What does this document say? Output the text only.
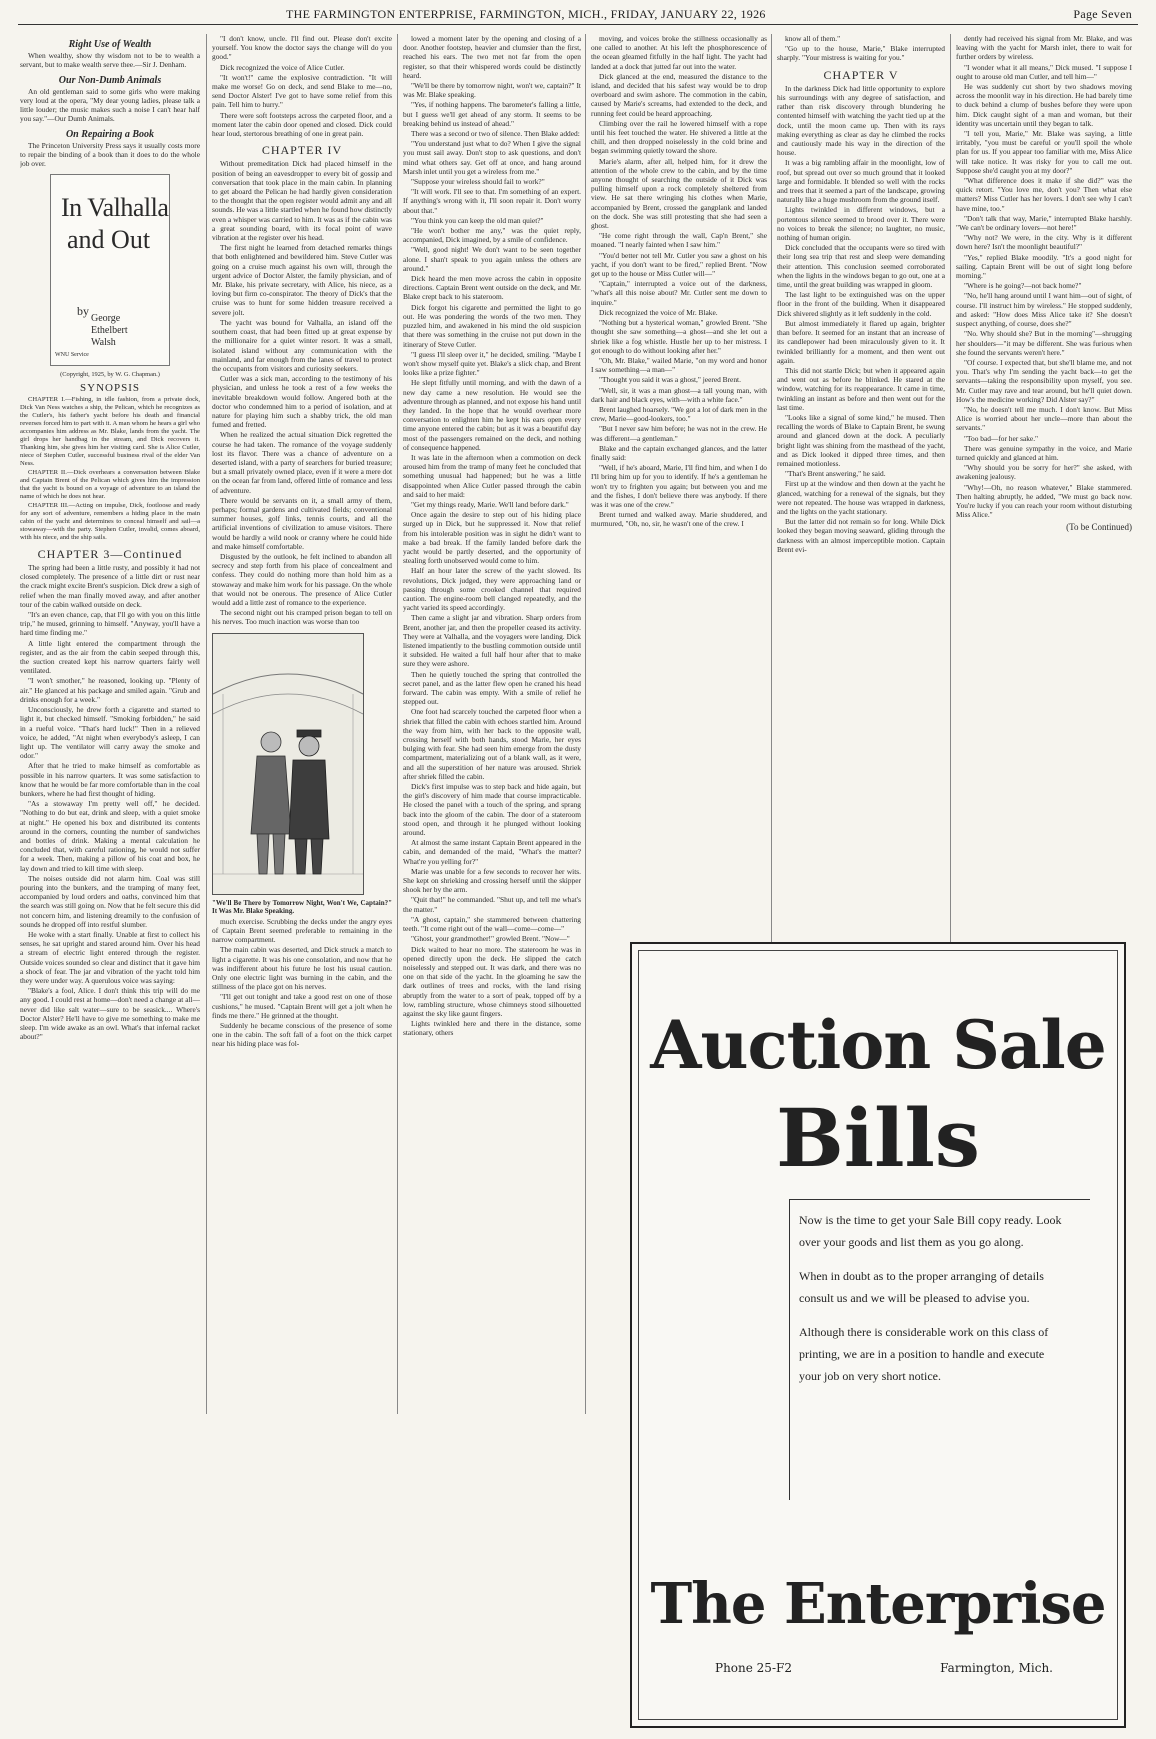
THE FARMINGTON ENTERPRISE, FARMINGTON, MICH., FRIDAY, JANUARY 22, 1926	Page Seven

Right Use of Wealth

When wealthy, show thy wisdom not to be to wealth a servant, but to make wealth serve thee.—Sir J. Denham.

Our Non-Dumb Animals

An old gentleman said to some girls who were making very loud at the opera, "My dear young ladies, please talk a little louder; the music makes such a noise I can't hear half you say."—Our Dumb Animals.

On Repairing a Book

The Princeton University Press says it usually costs more to repair the binding of a book than it does to do the whole job over.

In Valhalla
and Out
by
George
Ethelbert
Walsh
WNU Service

(Copyright, 1925, by W. G. Chapman.)

SYNOPSIS

CHAPTER I.—Fishing, in idle fashion, from a private dock, Dick Van Ness watches a ship, the Pelican, which he recognizes as the Cutler's, his father's yacht before his death and financial reverses forced him to part with it. A man whom he hears a girl who accompanies him address as Mr. Blake, lands from the yacht. The girl drops her handbag in the stream, and Dick recovers it. Thanking him, she gives him her visiting card. She is Alice Cutler, niece of Stephen Cutler, successful business rival of the elder Van Ness.

CHAPTER II.—Dick overhears a conversation between Blake and Captain Brent of the Pelican which gives him the impression that the yacht is bound on a voyage of adventure to an island the name of which he does not hear.

CHAPTER III.—Acting on impulse, Dick, footloose and ready for any sort of adventure, remembers a hiding place in the main cabin of the yacht and determines to conceal himself and sail—a stowaway—with the party. Stephen Cutler, invalid, comes aboard, with his niece, and the ship sails.

CHAPTER 3—Continued

The spring had been a little rusty, and possibly it had not closed completely. The presence of a little dirt or rust near the crack might excite Brent's suspicion. Dick drew a sigh of relief when the man finally moved away, and after another tour of the cabin walked outside on deck.

"It's an even chance, cap, that I'll go with you on this little trip," he mused, grinning to himself. "Anyway, you'll have a hard time finding me."

A little light entered the compartment through the register, and as the air from the cabin seeped through this, the suction created kept his narrow quarters fairly well ventilated.

"I won't smother," he reasoned, looking up. "Plenty of air." He glanced at his package and smiled again. "Grub and drinks enough for a week."

Unconsciously, he drew forth a cigarette and started to light it, but checked himself. "Smoking forbidden," he said in a rueful voice. "That's hard luck!" Then in a relieved voice, he added, "At night when everybody's asleep, I can light up. The ventilator will carry away the smoke and odor."

After that he tried to make himself as comfortable as possible in his narrow quarters. It was some satisfaction to know that he would be far more comfortable than in the coal bunkers, where he had first thought of hiding.

"As a stowaway I'm pretty well off," he decided. "Nothing to do but eat, drink and sleep, with a quiet smoke at night." He opened his box and distributed its contents around in the corners, counting the number of sandwiches and bottles of drink. Making a mental calculation he concluded that, with careful rationing, he would not suffer for a week. Then, making a pillow of his coat and box, he lay down and tried to kill time with sleep.

The noises outside did not alarm him. Coal was still pouring into the bunkers, and the tramping of many feet, accompanied by loud orders and oaths, convinced him that the search was still going on. Now that he felt secure this did not concern him, and listening dreamily to the confusion of sounds he dropped off into restful slumber.

He woke with a start finally. Unable at first to collect his senses, he sat upright and stared around him. Over his head a stream of electric light entered through the register. Outside voices sounded so clear and distinct that it gave him a shock of fear. The jar and vibration of the yacht told him they were under way. A querulous voice was saying:

"Blake's a fool, Alice. I don't think this trip will do me any good. I could rest at home—don't need a change at all—never did like salt water—sure to be seasick.... Where's Doctor Alster? He'll have to give me something to make me sleep. I'm wide awake as an owl. What's that infernal racket about?"

"I don't know, uncle. I'll find out. Please don't excite yourself. You know the doctor says the change will do you good."

Dick recognized the voice of Alice Cutler.

"It won't!" came the explosive contradiction. "It will make me worse! Go on deck, and send Blake to me—no, send Doctor Alster! I've got to have some relief from this pain. Tell him to hurry."

There were soft footsteps across the carpeted floor, and a moment later the cabin door opened and closed. Dick could hear loud, stertorous breathing of one in great pain.

CHAPTER IV

Without premeditation Dick had placed himself in the position of being an eavesdropper to every bit of gossip and conversation that took place in the main cabin. In planning to get aboard the Pelican he had hardly given consideration to the thought that the open register would admit any and all sounds. He was a little startled when he found how distinctly even a whisper was carried to him. It was as if the cabin was a great sounding board, with its focal point of wave vibration at the register over his head.

The first night he learned from detached remarks things that both enlightened and bewildered him. Steve Cutler was going on a cruise much against his own will, through the urgent advice of Doctor Alster, the family physician, and of Mr. Blake, his private secretary, with Alice, his niece, as a loving but firm co-conspirator. The theory of Dick's that the cruise was to hunt for some hidden treasure received a severe jolt.

The yacht was bound for Valhalla, an island off the southern coast, that had been fitted up at great expense by the millionaire for a quiet winter resort. It was a small, isolated island without any communication with the mainland, and far enough from the lanes of travel to protect the occupants from visitors and curiosity seekers.

Cutler was a sick man, according to the testimony of his physician, and unless he took a rest of a few weeks the inevitable breakdown would follow. Angered both at the doctor who condemned him to a period of isolation, and at nature for playing him such a shabby trick, the old man fumed and fretted.

When he realized the actual situation Dick regretted the course he had taken. The romance of the voyage suddenly lost its flavor. There was a chance of adventure on a deserted island, with a party of searchers for buried treasure; but a small privately owned place, even if it were a mere dot on the ocean far from land, offered little of romance and less of adventure.

There would be servants on it, a small army of them, perhaps; formal gardens and cultivated fields; conventional summer houses, golf links, tennis courts, and all the artificial inventions of civilization to amuse visitors. There would be hardly a wild nook or cranny where he could hide and make himself comfortable.

Disgusted by the outlook, he felt inclined to abandon all secrecy and step forth from his place of concealment and confess. They could do nothing more than hold him as a stowaway and make him work for his passage. On the whole that would not be onerous. The presence of Alice Cutler would add a little zest of romance to the experience.

The second night out his cramped prison began to tell on his nerves. Too much inaction was worse than too

"We'll Be There by Tomorrow Night, Won't We, Captain?" It Was Mr. Blake Speaking.

much exercise. Scrubbing the decks under the angry eyes of Captain Brent seemed preferable to remaining in the narrow compartment.

The main cabin was deserted, and Dick struck a match to light a cigarette. It was his one consolation, and now that he was indifferent about his future he lost his usual caution. Only one electric light was burning in the cabin, and the stillness of the place got on his nerves.

"I'll get out tonight and take a good rest on one of those cushions," he mused. "Captain Brent will get a jolt when he finds me there." He grinned at the thought.

Suddenly he became conscious of the presence of some one in the cabin. The soft fall of a foot on the thick carpet near his hiding place was fol-

lowed a moment later by the opening and closing of a door. Another footstep, heavier and clumsier than the first, reached his ears. The two met not far from the open register, so that their whispered words could be distinctly heard.

"We'll be there by tomorrow night, won't we, captain?" It was Mr. Blake speaking.

"Yes, if nothing happens. The barometer's falling a little, but I guess we'll get ahead of any storm. It seems to be breaking behind us instead of ahead."

There was a second or two of silence. Then Blake added:

"You understand just what to do? When I give the signal you must sail away. Don't stop to ask questions, and don't mind what others say. Get off at once, and hang around Marsh inlet until you get a wireless from me."

"Suppose your wireless should fail to work?"

"It will work. I'll see to that. I'm something of an expert. If anything's wrong with it, I'll soon repair it. Don't worry about that."

"You think you can keep the old man quiet?"

"He won't bother me any," was the quiet reply, accompanied, Dick imagined, by a smile of confidence.

"Well, good night! We don't want to be seen together alone. I shan't speak to you again unless the others are around."

Dick heard the men move across the cabin in opposite directions. Captain Brent went outside on the deck, and Mr. Blake crept back to his stateroom.

Dick forgot his cigarette and permitted the light to go out. He was pondering the words of the two men. They puzzled him, and awakened in his mind the old suspicion that there was something in the cruise not put down in the itinerary of Steve Cutler.

"I guess I'll sleep over it," he decided, smiling. "Maybe I won't show myself quite yet. Blake's a slick chap, and Brent looks like a prize fighter."

He slept fitfully until morning, and with the dawn of a new day came a new resolution. He would see the adventure through as planned, and not expose his hand until they landed. In the hope that he would overhear more conversation to enlighten him he kept his ears open every time anyone entered the cabin; but as it was a beautiful day most of the passengers remained on the deck, and nothing of consequence happened.

It was late in the afternoon when a commotion on deck aroused him from the tramp of many feet he concluded that something unusual had happened; but he was a little disappointed when Alice Cutler passed through the cabin and said to her maid:

"Get my things ready, Marie. We'll land before dark."

Once again the desire to step out of his hiding place surged up in Dick, but he suppressed it. Now that relief from his intolerable position was in sight he didn't want to make a bad break. If the family landed before dark the yacht would be partly deserted, and the opportunity of stealing forth unobserved would come to him.

Half an hour later the screw of the yacht slowed. Its revolutions, Dick judged, they were approaching land or passing through some crooked channel that required caution. The engine-room bell clanged repeatedly, and the yacht varied its speed accordingly.

Then came a slight jar and vibration. Sharp orders from Brent, another jar, and then the propeller ceased its activity. They were at Valhalla, and the voyagers were landing. Dick listened impatiently to the bustling commotion outside until it subsided. He waited a full half hour after that to make sure they were ashore.

Then he quietly touched the spring that controlled the secret panel, and as the latter flew open he craned his head forward. The cabin was empty. With a smile of relief he stepped out.

One foot had scarcely touched the carpeted floor when a shriek that filled the cabin with echoes startled him. Around the way from him, with her back to the opposite wall, crossing herself with both hands, stood Marie, her eyes bulging with fear. She had seen him emerge from the dusty compartment, materializing out of a blank wall, as it were, and all the superstition of her nature was aroused. Shriek after shriek filled the cabin.

Dick's first impulse was to step back and hide again, but the girl's discovery of him made that course impracticable. He closed the panel with a touch of the spring, and sprang back into the gloom of the cabin. The door of a stateroom stood open, and through it he plunged without looking around.

At almost the same instant Captain Brent appeared in the cabin, and demanded of the maid, "What's the matter? What're you yelling for?"

Marie was unable for a few seconds to recover her wits. She kept on shrieking and crossing herself until the skipper shook her by the arm.

"Quit that!" he commanded. "Shut up, and tell me what's the matter."

"A ghost, captain," she stammered between chattering teeth. "It come right out of the wall—come—come—"

"Ghost, your grandmother!" growled Brent. "Now—"

Dick waited to hear no more. The stateroom he was in opened directly upon the deck. He slipped the catch noiselessly and stepped out. It was dark, and there was no one on that side of the yacht. In the gloaming he saw the dark outlines of trees and rocks, with the land rising abruptly from the water to a sort of peak, topped off by a low, rambling structure, whose chimneys stood silhouetted against the sky like gaunt fingers.

Lights twinkled here and there in the distance, some stationary, others

moving, and voices broke the stillness occasionally as one called to another. At his left the phosphorescence of the ocean gleamed fitfully in the half light. The yacht had landed at a dock that jutted far out into the water.

Dick glanced at the end, measured the distance to the island, and decided that his safest way would be to drop overboard and swim ashore. The commotion in the cabin, caused by Marie's screams, had extended to the deck, and running feet could be heard approaching.

Climbing over the rail he lowered himself with a rope until his feet touched the water. He shivered a little at the chill, and then dropped noiselessly in the cold brine and began swimming quietly toward the shore.

Marie's alarm, after all, helped him, for it drew the attention of the whole crew to the cabin, and by the time anyone thought of searching the outside of it Dick was pulling himself upon a rock completely sheltered from view. He sat there wringing his clothes when Marie, accompanied by Brent, crossed the gangplank and landed on the dock. She was still protesting that she had seen a ghost.

"He come right through the wall, Cap'n Brent," she moaned. "I nearly fainted when I saw him."

"You'd better not tell Mr. Cutler you saw a ghost on his yacht, if you don't want to be fired," replied Brent. "Now get up to the house or Miss Cutler will—"

"Captain," interrupted a voice out of the darkness, "what's all this noise about? Mr. Cutler sent me down to inquire."

Dick recognized the voice of Mr. Blake.

"Nothing but a hysterical woman," growled Brent. "She thought she saw something—a ghost—and she let out a shriek like a fog whistle. Hustle her up to her mistress. I got enough to do without looking after her."

"Oh, Mr. Blake," wailed Marie, "on my word and honor I saw something—a man—"

"Thought you said it was a ghost," jeered Brent.

"Well, sir, it was a man ghost—a tall young man, with dark hair and black eyes, with—with a white face."

Brent laughed hoarsely. "We got a lot of dark men in the crew, Marie—good-lookers, too."

"But I never saw him before; he was not in the crew. He was different—a gentleman."

Blake and the captain exchanged glances, and the latter finally said:

"Well, if he's aboard, Marie, I'll find him, and when I do I'll bring him up for you to identify. If he's a gentleman he won't try to frighten you again; but between you and me and the fishes, I don't believe there was anybody. If there was it was one of the crew."

Brent turned and walked away. Marie shuddered, and murmured, "Oh, no, sir, he wasn't one of the crew. I

know all of them."

"Go up to the house, Marie," Blake interrupted sharply. "Your mistress is waiting for you."

CHAPTER V

In the darkness Dick had little opportunity to explore his surroundings with any degree of satisfaction, and rather than risk discovery through blundering he contented himself with watching the yacht tied up at the dock, until the moon came up. Then with its rays making everything as clear as day he climbed the rocks and cautiously made his way in the direction of the house.

It was a big rambling affair in the moonlight, low of roof, but spread out over so much ground that it looked large and formidable. It blended so well with the rocks and trees that it seemed a part of the landscape, growing naturally like a huge mushroom from the ground itself.

Lights twinkled in different windows, but a portentous silence seemed to brood over it. There were no voices to break the silence; no laughter, no music, nothing of human origin.

Dick concluded that the occupants were so tired with their long sea trip that rest and sleep were demanding their attention. This conclusion seemed corroborated when the lights in the windows began to go out, one at a time, until the great building was wrapped in gloom.

The last light to be extinguished was on the upper floor in the front of the building. When it disappeared Dick shivered slightly as it left suddenly in the cold.

But almost immediately it flared up again, brighter than before. It seemed for an instant that an increase of its candlepower had been miraculously given to it. It twinkled brilliantly for a moment, and then went out again.

This did not startle Dick; but when it appeared again and went out as before he blinked. He stared at the window, watching for its reappearance. It came in time, twinkling an instant as before and then went out for the last time.

"Looks like a signal of some kind," he mused. Then recalling the words of Blake to Captain Brent, he swung around and glanced down at the dock. A peculiarly bright light was shining from the masthead of the yacht, and as Dick looked it dipped three times, and then remained motionless.

"That's Brent answering," he said.

First up at the window and then down at the yacht he glanced, watching for a renewal of the signals, but they were not repeated. The house was wrapped in darkness, and the lights on the yacht stationary.

But the latter did not remain so for long. While Dick looked they began moving seaward, gliding through the darkness with an almost imperceptible motion. Captain Brent evi-

dently had received his signal from Mr. Blake, and was leaving with the yacht for Marsh inlet, there to wait for further orders by wireless.

"I wonder what it all means," Dick mused. "I suppose I ought to arouse old man Cutler, and tell him—"

He was suddenly cut short by two shadows moving across the moonlit way in his direction. He had barely time to duck behind a clump of bushes before they were upon him. Dick caught sight of a man and woman, but their identity was uncertain until they began to talk.

"I tell you, Marie," Mr. Blake was saying, a little irritably, "you must be careful or you'll spoil the whole plan for us. If you appear too familiar with me, Miss Alice will take notice. It was risky for you to call me out. Suppose she'd caught you at my door?"

"What difference does it make if she did?" was the quick retort. "You love me, don't you? Then what else matters? Miss Cutler has her lovers. I don't see why I can't have mine, too."

"Don't talk that way, Marie," interrupted Blake harshly. "We can't be ordinary lovers—not here!"

"Why not? We were, in the city. Why is it different down here? Isn't the moonlight beautiful?"

"Yes," replied Blake moodily. "It's a good night for sailing. Captain Brent will be out of sight long before morning."

"Where is he going?—not back home?"

"No, he'll hang around until I want him—out of sight, of course. I'll instruct him by wireless." He stopped suddenly, and asked: "How does Miss Alice take it? She doesn't suspect anything, of course, does she?"

"No. Why should she? But in the morning"—shrugging her shoulders—"it may be different. She was furious when she found the servants weren't here."

"Of course. I expected that, but she'll blame me, and not you. That's why I'm sending the yacht back—to get the servants—taking the responsibility upon myself, you see. Mr. Cutler may rave and tear around, but he'll quiet down. How's the medicine working? Did Alster say?"

"No, he doesn't tell me much. I don't know. But Miss Alice is worried about her uncle—more than about the servants."

"Too bad—for her sake."

There was genuine sympathy in the voice, and Marie turned quickly and glanced at him.

"Why should you be sorry for her?" she asked, with awakening jealousy.

"Why!—Oh, no reason whatever," Blake stammered. Then halting abruptly, he added, "We must go back now. You're lucky if you can reach your room without disturbing Miss Alice."

(To be Continued)

Auction Sale
Bills

Now is the time to get your Sale Bill copy ready. Look over your goods and list them as you go along.

When in doubt as to the proper arranging of details consult us and we will be pleased to advise you.

Although there is considerable work on this class of printing, we are in a position to handle and execute your job on very short notice.

The Enterprise
Phone 25-F2	Farmington, Mich.
